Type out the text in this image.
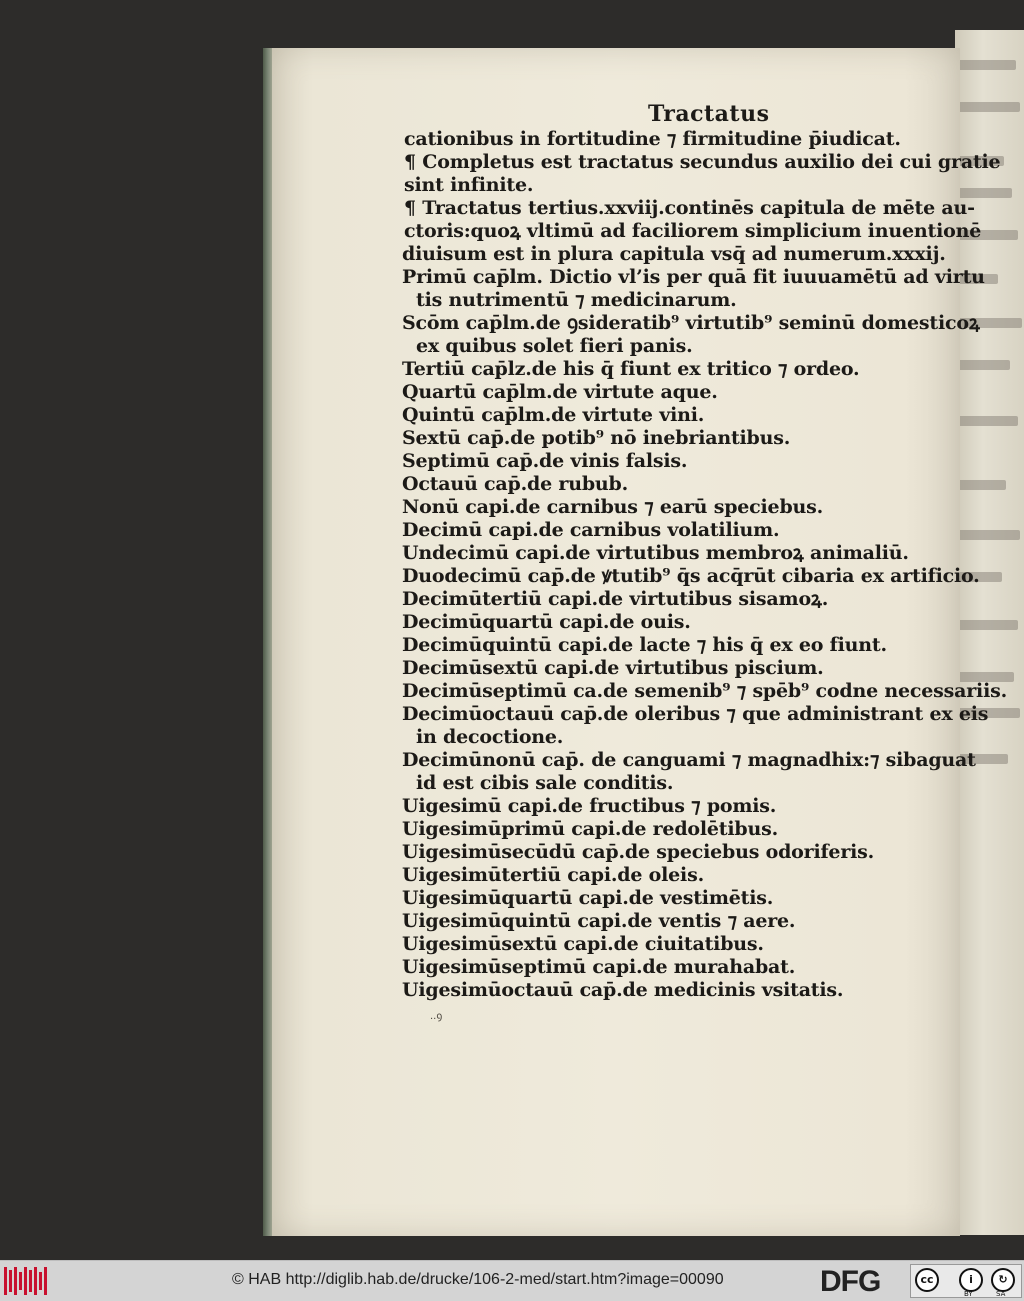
Tractatus
cationibus in fortitudine ⁊ firmitudine p̄iudicat.
¶ Completus est tractatus secundus auxilio dei cui gratie
sint infinite.
¶ Tractatus tertius.xxviij.continēs capitula de mēte au-
ctoris:quoꝝ vltimū ad faciliorem simplicium inuentionē
diuisum est in plura capitula vsq̄ ad numerum.xxxij.
Primū cap̄lm. Dictio vl’is per quā fit iuuuamētū ad virtu
tis nutrimentū ⁊ medicinarum.
Scōm cap̄lm.de ꝯsideratib⁹ virtutib⁹ seminū domesticoꝝ
ex quibus solet fieri panis.
Tertiū cap̄lz.de his q̄ fiunt ex tritico ⁊ ordeo.
Quartū cap̄lm.de virtute aque.
Quintū cap̄lm.de virtute vini.
Sextū cap̄.de potib⁹ nō inebriantibus.
Septimū cap̄.de vinis falsis.
Octauū cap̄.de rubub.
Nonū capi.de carnibus ⁊ earū speciebus.
Decimū capi.de carnibus volatilium.
Undecimū capi.de virtutibus membroꝝ animaliū.
Duodecimū cap̄.de ꝟtutib⁹ q̄s acq̄rūt cibaria ex artificio.
Decimūtertiū capi.de virtutibus sisamoꝝ.
Decimūquartū capi.de ouis.
Decimūquintū capi.de lacte ⁊ his q̄ ex eo fiunt.
Decimūsextū capi.de virtutibus piscium.
Decimūseptimū ca.de semenib⁹ ⁊ spēb⁹ codne necessariis.
Decimūoctauū cap̄.de oleribus ⁊ que administrant ex eis
in decoctione.
Decimūnonū cap̄. de canguami ⁊ magnadhix:⁊ sibaguat
id est cibis sale conditis.
Uigesimū capi.de fructibus ⁊ pomis.
Uigesimūprimū capi.de redolētibus.
Uigesimūsecūdū cap̄.de speciebus odoriferis.
Uigesimūtertiū capi.de oleis.
Uigesimūquartū capi.de vestimētis.
Uigesimūquintū capi.de ventis ⁊ aere.
Uigesimūsextū capi.de ciuitatibus.
Uigesimūseptimū capi.de murahabat.
Uigesimūoctauū cap̄.de medicinis vsitatis.
..ꝯ
© HAB http://diglib.hab.de/drucke/106-2-med/start.htm?image=00090	DFG	cc	i	↻
BY	SA
